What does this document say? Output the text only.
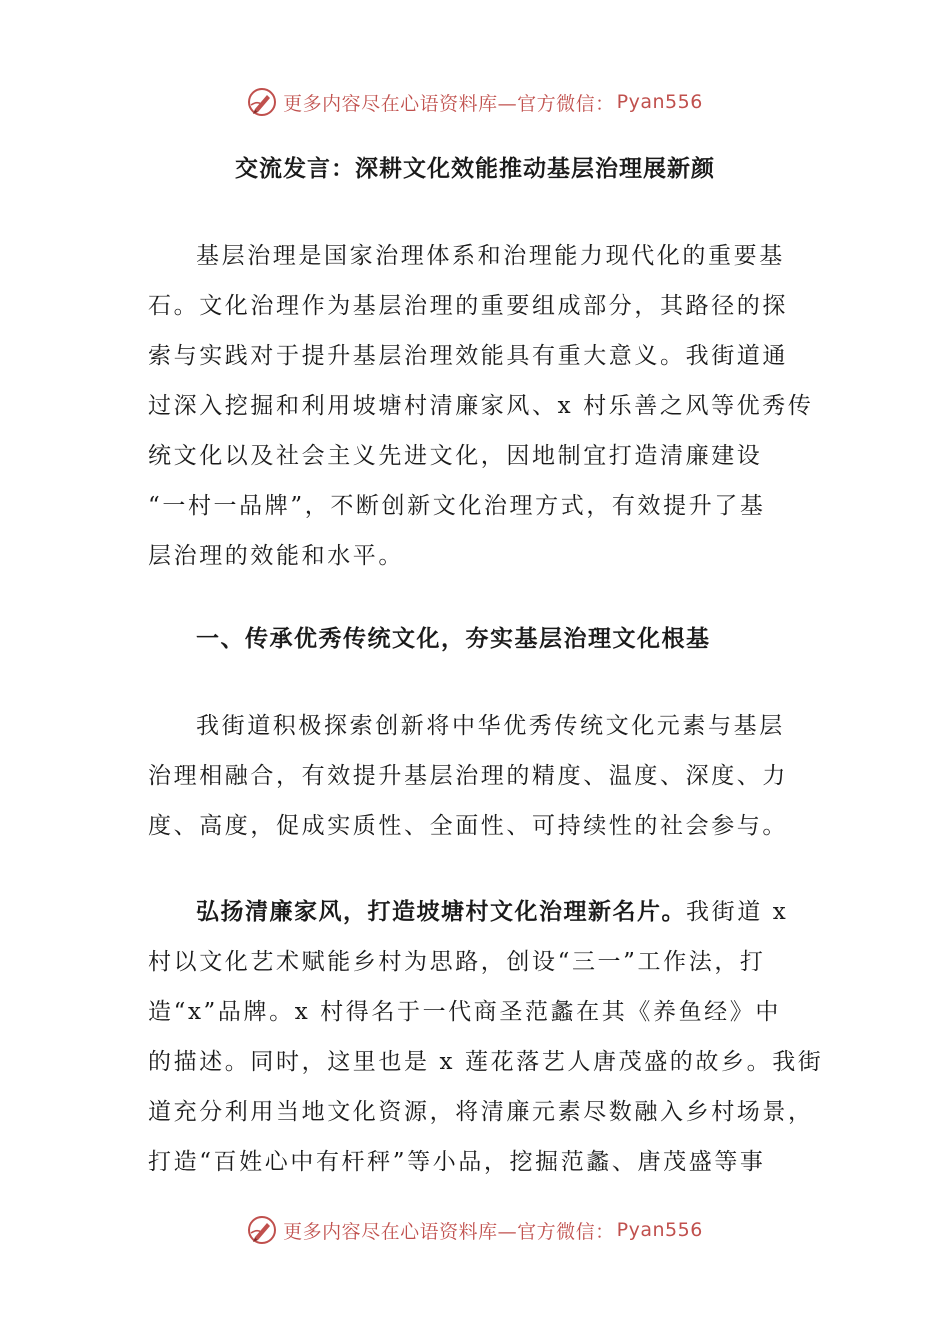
更多内容尽在心语资料库—官方微信： Pyan556
交流发言：深耕文化效能推动基层治理展新颜
基层治理是国家治理体系和治理能力现代化的重要基
石。文化治理作为基层治理的重要组成部分，其路径的探
索与实践对于提升基层治理效能具有重大意义。我街道通
过深入挖掘和利用坡塘村清廉家风、x 村乐善之风等优秀传
统文化以及社会主义先进文化，因地制宜打造清廉建设
“一村一品牌”，不断创新文化治理方式，有效提升了基
层治理的效能和水平。
一、传承优秀传统文化，夯实基层治理文化根基
我街道积极探索创新将中华优秀传统文化元素与基层
治理相融合，有效提升基层治理的精度、温度、深度、力
度、高度，促成实质性、全面性、可持续性的社会参与。
弘扬清廉家风，打造坡塘村文化治理新名片。我街道 x
村以文化艺术赋能乡村为思路，创设“三一”工作法，打
造“x”品牌。x 村得名于一代商圣范蠡在其《养鱼经》中
的描述。同时，这里也是 x 莲花落艺人唐茂盛的故乡。我街
道充分利用当地文化资源，将清廉元素尽数融入乡村场景，
打造“百姓心中有杆秤”等小品，挖掘范蠡、唐茂盛等事
更多内容尽在心语资料库—官方微信： Pyan556
